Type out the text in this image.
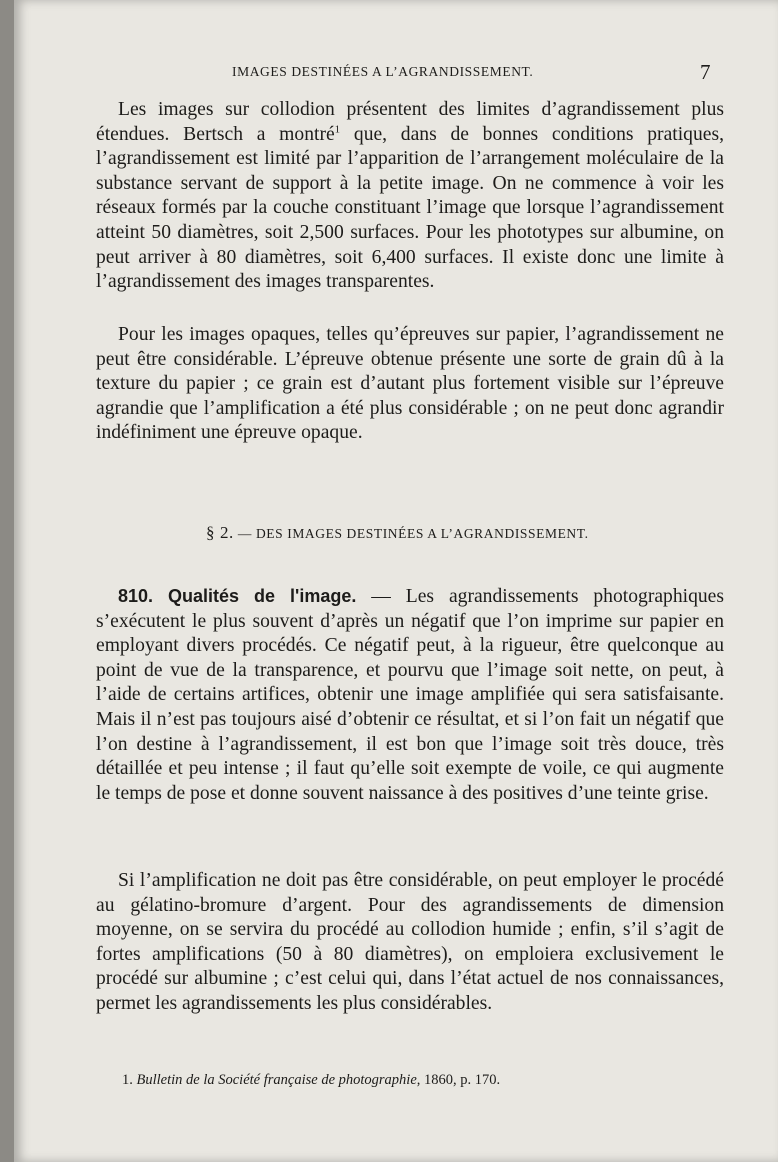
IMAGES DESTINÉES A L’AGRANDISSEMENT.	7

Les images sur collodion présentent des limites d’agrandissement plus étendues. Bertsch a montré$^1$ que, dans de bonnes conditions pratiques, l’agrandissement est limité par l’apparition de l’arrangement moléculaire de la substance servant de support à la petite image. On ne commence à voir les réseaux formés par la couche constituant l’image que lorsque l’agrandissement atteint 50 diamètres, soit 2,500 surfaces. Pour les phototypes sur albumine, on peut arriver à 80 diamètres, soit 6,400 surfaces. Il existe donc une limite à l’agrandissement des images transparentes.

Pour les images opaques, telles qu’épreuves sur papier, l’agrandissement ne peut être considérable. L’épreuve obtenue présente une sorte de grain dû à la texture du papier ; ce grain est d’autant plus fortement visible sur l’épreuve agrandie que l’amplification a été plus considérable ; on ne peut donc agrandir indéfiniment une épreuve opaque.

§ 2. — DES IMAGES DESTINÉES A L’AGRANDISSEMENT.

810. Qualités de l'image. — Les agrandissements photographiques s’exécutent le plus souvent d’après un négatif que l’on imprime sur papier en employant divers procédés. Ce négatif peut, à la rigueur, être quelconque au point de vue de la transparence, et pourvu que l’image soit nette, on peut, à l’aide de certains artifices, obtenir une image amplifiée qui sera satisfaisante. Mais il n’est pas toujours aisé d’obtenir ce résultat, et si l’on fait un négatif que l’on destine à l’agrandissement, il est bon que l’image soit très douce, très détaillée et peu intense ; il faut qu’elle soit exempte de voile, ce qui augmente le temps de pose et donne souvent naissance à des positives d’une teinte grise.

Si l’amplification ne doit pas être considérable, on peut employer le procédé au gélatino-bromure d’argent. Pour des agrandissements de dimension moyenne, on se servira du procédé au collodion humide ; enfin, s’il s’agit de fortes amplifications (50 à 80 diamètres), on emploiera exclusivement le procédé sur albumine ; c’est celui qui, dans l’état actuel de nos connaissances, permet les agrandissements les plus considérables.

1. Bulletin de la Société française de photographie, 1860, p. 170.
